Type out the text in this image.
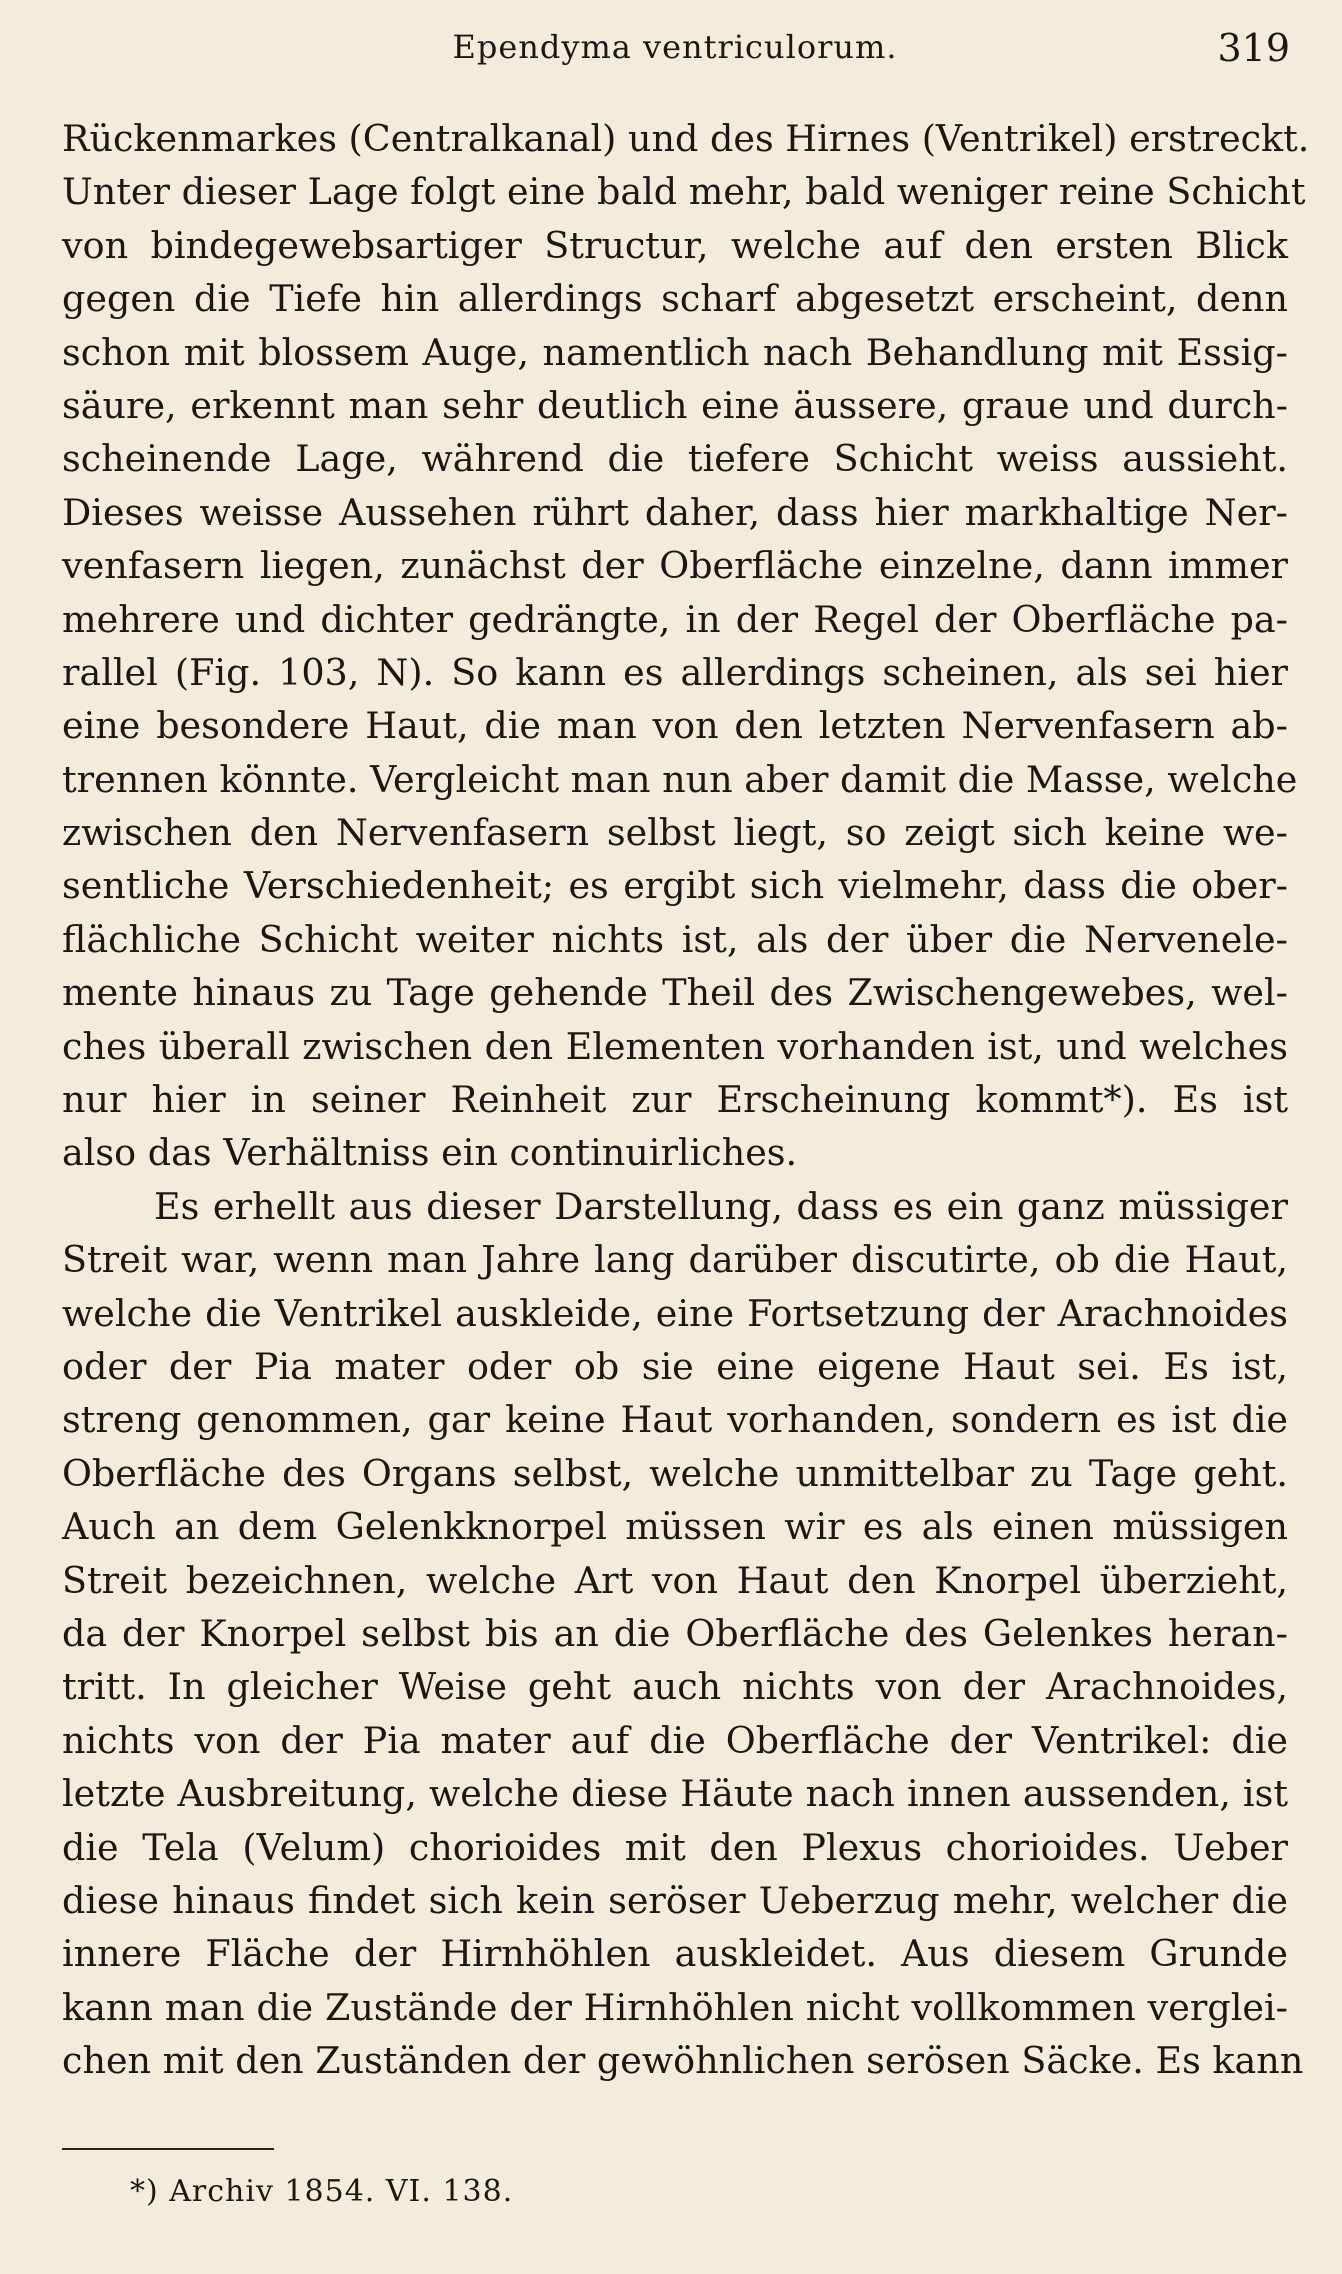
Ependyma ventriculorum.	319
Rückenmarkes (Centralkanal) und des Hirnes (Ventrikel) erstreckt.
Unter dieser Lage folgt eine bald mehr, bald weniger reine Schicht
von bindegewebsartiger Structur, welche auf den ersten Blick
gegen die Tiefe hin allerdings scharf abgesetzt erscheint, denn
schon mit blossem Auge, namentlich nach Behandlung mit Essig-
säure, erkennt man sehr deutlich eine äussere, graue und durch-
scheinende Lage, während die tiefere Schicht weiss aussieht.
Dieses weisse Aussehen rührt daher, dass hier markhaltige Ner-
venfasern liegen, zunächst der Oberfläche einzelne, dann immer
mehrere und dichter gedrängte, in der Regel der Oberfläche pa-
rallel (Fig. 103, N). So kann es allerdings scheinen, als sei hier
eine besondere Haut, die man von den letzten Nervenfasern ab-
trennen könnte. Vergleicht man nun aber damit die Masse, welche
zwischen den Nervenfasern selbst liegt, so zeigt sich keine we-
sentliche Verschiedenheit; es ergibt sich vielmehr, dass die ober-
flächliche Schicht weiter nichts ist, als der über die Nervenele-
mente hinaus zu Tage gehende Theil des Zwischengewebes, wel-
ches überall zwischen den Elementen vorhanden ist, und welches
nur hier in seiner Reinheit zur Erscheinung kommt*). Es ist
also das Verhältniss ein continuirliches.
Es erhellt aus dieser Darstellung, dass es ein ganz müssiger
Streit war, wenn man Jahre lang darüber discutirte, ob die Haut,
welche die Ventrikel auskleide, eine Fortsetzung der Arachnoides
oder der Pia mater oder ob sie eine eigene Haut sei. Es ist,
streng genommen, gar keine Haut vorhanden, sondern es ist die
Oberfläche des Organs selbst, welche unmittelbar zu Tage geht.
Auch an dem Gelenkknorpel müssen wir es als einen müssigen
Streit bezeichnen, welche Art von Haut den Knorpel überzieht,
da der Knorpel selbst bis an die Oberfläche des Gelenkes heran-
tritt. In gleicher Weise geht auch nichts von der Arachnoides,
nichts von der Pia mater auf die Oberfläche der Ventrikel: die
letzte Ausbreitung, welche diese Häute nach innen aussenden, ist
die Tela (Velum) chorioides mit den Plexus chorioides. Ueber
diese hinaus findet sich kein seröser Ueberzug mehr, welcher die
innere Fläche der Hirnhöhlen auskleidet. Aus diesem Grunde
kann man die Zustände der Hirnhöhlen nicht vollkommen verglei-
chen mit den Zuständen der gewöhnlichen serösen Säcke. Es kann
*) Archiv 1854. VI. 138.
